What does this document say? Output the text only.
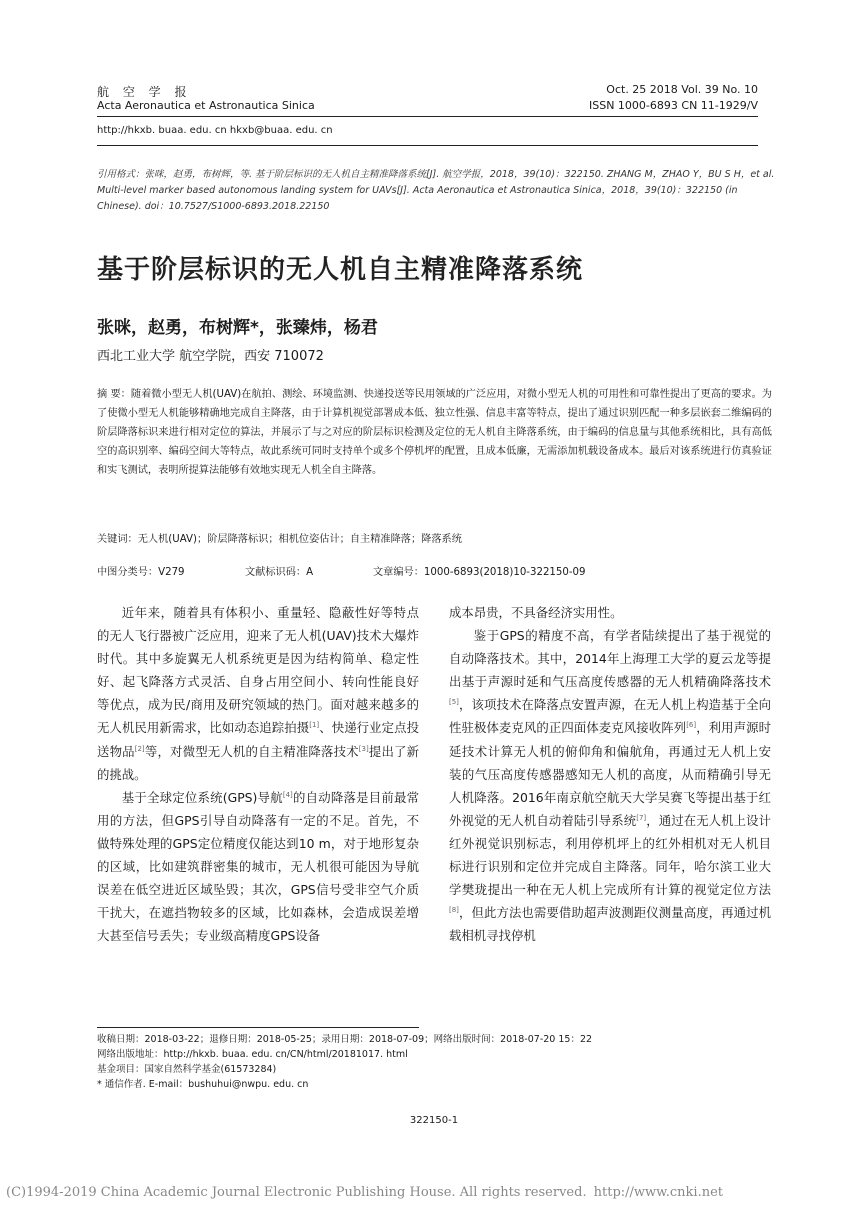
航 空 学 报
Acta Aeronautica et Astronautica Sinica
Oct. 25 2018 Vol. 39 No. 10
ISSN 1000-6893 CN 11-1929/V
http://hkxb. buaa. edu. cn hkxb@buaa. edu. cn
引用格式：张咪，赵勇，布树辉，等. 基于阶层标识的无人机自主精准降落系统[J]. 航空学报，2018，39(10)：322150. ZHANG M，ZHAO Y，BU S H，et al. Multi-level marker based autonomous landing system for UAVs[J]. Acta Aeronautica et Astronautica Sinica，2018，39(10)：322150 (in Chinese). doi：10.7527/S1000-6893.2018.22150
基于阶层标识的无人机自主精准降落系统
张咪，赵勇，布树辉*，张臻炜，杨君
西北工业大学 航空学院，西安 710072
摘 要：随着微小型无人机(UAV)在航拍、测绘、环境监测、快递投送等民用领域的广泛应用，对微小型无人机的可用性和可靠性提出了更高的要求。为了使微小型无人机能够精确地完成自主降落，由于计算机视觉部署成本低、独立性强、信息丰富等特点，提出了通过识别匹配一种多层嵌套二维编码的阶层降落标识来进行相对定位的算法，并展示了与之对应的阶层标识检测及定位的无人机自主降落系统，由于编码的信息量与其他系统相比，具有高低空的高识别率、编码空间大等特点，故此系统可同时支持单个或多个停机坪的配置，且成本低廉，无需添加机载设备成本。最后对该系统进行仿真验证和实飞测试，表明所提算法能够有效地实现无人机全自主降落。
关键词：无人机(UAV)；阶层降落标识；相机位姿估计；自主精准降落；降落系统
中图分类号：V279	文献标识码：A	文章编号：1000-6893(2018)10-322150-09

近年来，随着具有体积小、重量轻、隐蔽性好等特点的无人飞行器被广泛应用，迎来了无人机(UAV)技术大爆炸时代。其中多旋翼无人机系统更是因为结构简单、稳定性好、起飞降落方式灵活、自身占用空间小、转向性能良好等优点，成为民/商用及研究领域的热门。面对越来越多的无人机民用新需求，比如动态追踪拍摄[1]、快递行业定点投送物品[2]等，对微型无人机的自主精准降落技术[3]提出了新的挑战。

基于全球定位系统(GPS)导航[4]的自动降落是目前最常用的方法，但GPS引导自动降落有一定的不足。首先，不做特殊处理的GPS定位精度仅能达到10 m，对于地形复杂的区域，比如建筑群密集的城市，无人机很可能因为导航误差在低空进近区域坠毁；其次，GPS信号受非空气介质干扰大，在遮挡物较多的区域，比如森林，会造成误差增大甚至信号丢失；专业级高精度GPS设备

成本昂贵，不具备经济实用性。

鉴于GPS的精度不高，有学者陆续提出了基于视觉的自动降落技术。其中，2014年上海理工大学的夏云龙等提出基于声源时延和气压高度传感器的无人机精确降落技术[5]，该项技术在降落点安置声源，在无人机上构造基于全向性驻极体麦克风的正四面体麦克风接收阵列[6]，利用声源时延技术计算无人机的俯仰角和偏航角，再通过无人机上安装的气压高度传感器感知无人机的高度，从而精确引导无人机降落。2016年南京航空航天大学吴赛飞等提出基于红外视觉的无人机自动着陆引导系统[7]，通过在无人机上设计红外视觉识别标志，利用停机坪上的红外相机对无人机目标进行识别和定位并完成自主降落。同年，哈尔滨工业大学樊珑提出一种在无人机上完成所有计算的视觉定位方法[8]，但此方法也需要借助超声波测距仪测量高度，再通过机载相机寻找停机

收稿日期：2018-03-22；退修日期：2018-05-25；录用日期：2018-07-09；网络出版时间：2018-07-20 15：22
网络出版地址：http://hkxb. buaa. edu. cn/CN/html/20181017. html
基金项目：国家自然科学基金(61573284)
* 通信作者. E-mail：bushuhui@nwpu. edu. cn
322150-1
(C)1994-2019 China Academic Journal Electronic Publishing House. All rights reserved. http://www.cnki.net
